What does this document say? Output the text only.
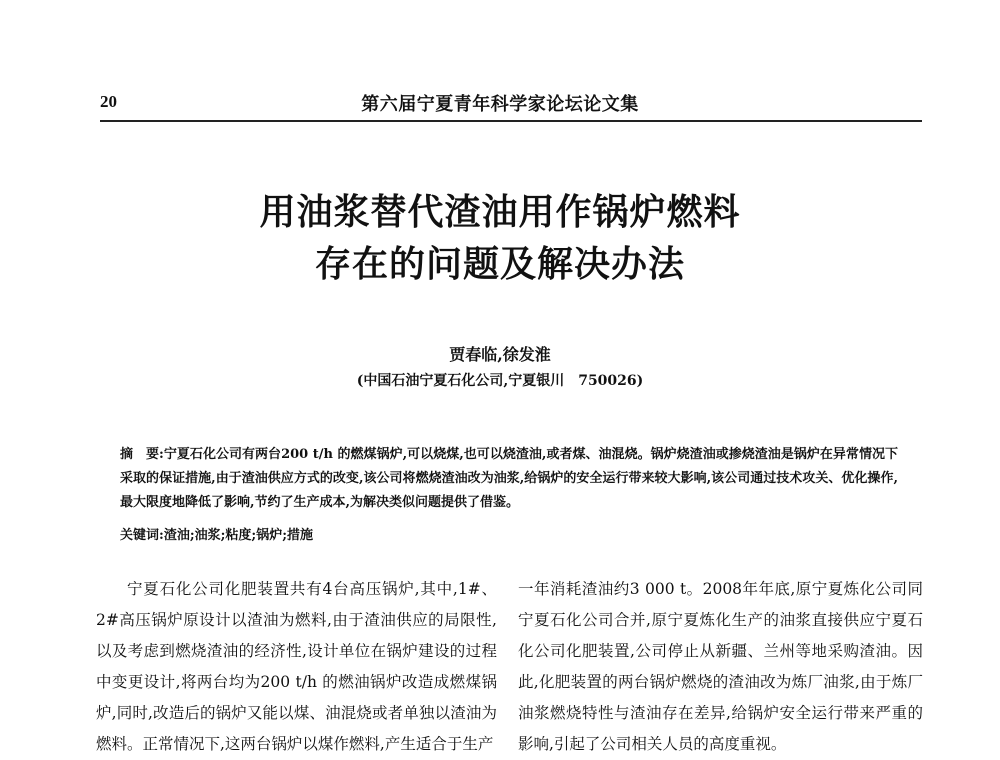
20	第六届宁夏青年科学家论坛论文集
用油浆替代渣油用作锅炉燃料
存在的问题及解决办法
贾春临,徐发淮
(中国石油宁夏石化公司,宁夏银川　750026)
摘　要:宁夏石化公司有两台200 t/h 的燃煤锅炉,可以烧煤,也可以烧渣油,或者煤、油混烧。锅炉烧渣油或掺烧渣油是锅炉在异常情况下采取的保证措施,由于渣油供应方式的改变,该公司将燃烧渣油改为油浆,给锅炉的安全运行带来较大影响,该公司通过技术攻关、优化操作,最大限度地降低了影响,节约了生产成本,为解决类似问题提供了借鉴。
关键词:渣油;油浆;粘度;锅炉;措施

宁夏石化公司化肥装置共有4台高压锅炉,其中,1#、2#高压锅炉原设计以渣油为燃料,由于渣油供应的局限性,以及考虑到燃烧渣油的经济性,设计单位在锅炉建设的过程中变更设计,将两台均为200 t/h 的燃油锅炉改造成燃煤锅炉,同时,改造后的锅炉又能以煤、油混烧或者单独以渣油为燃料。正常情况下,这两台锅炉以煤作燃料,产生适合于生产

一年消耗渣油约3 000 t。2008年年底,原宁夏炼化公司同宁夏石化公司合并,原宁夏炼化生产的油浆直接供应宁夏石化公司化肥装置,公司停止从新疆、兰州等地采购渣油。因此,化肥装置的两台锅炉燃烧的渣油改为炼厂油浆,由于炼厂油浆燃烧特性与渣油存在差异,给锅炉安全运行带来严重的影响,引起了公司相关人员的高度重视。
